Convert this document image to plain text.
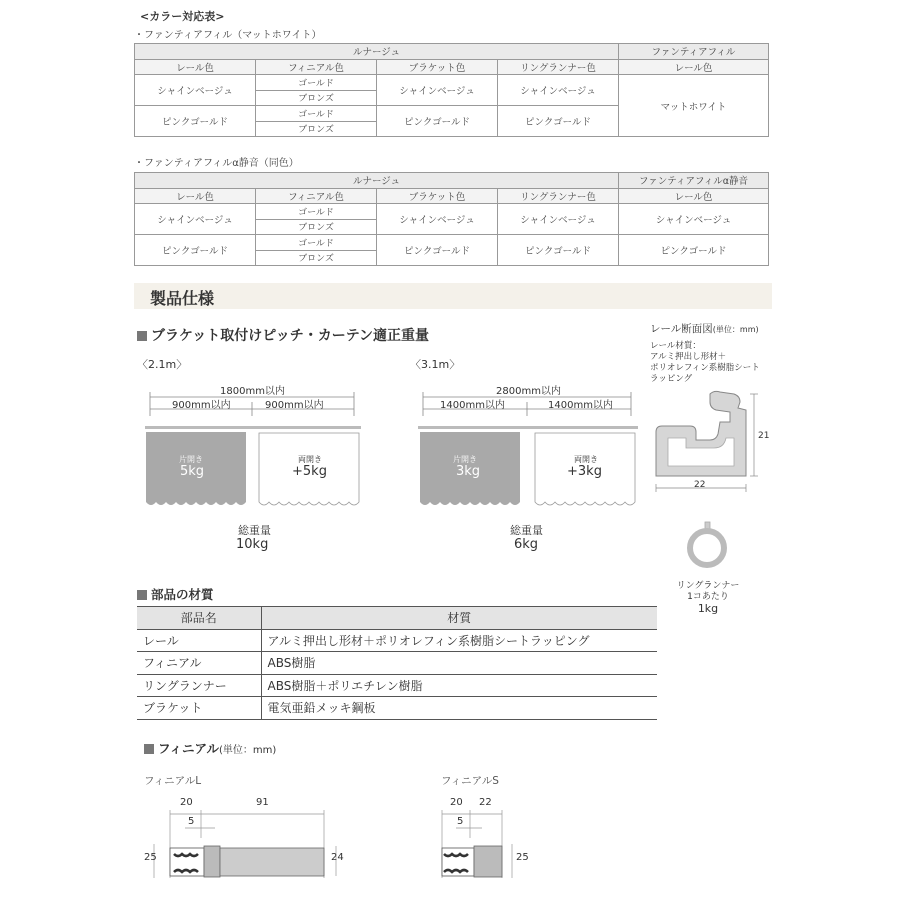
<カラー対応表>
・ファンティアフィル（マットホワイト）
ルナージュ				ファンティアフィル
レール色	フィニアル色	ブラケット色	リングランナー色	レール色
シャインベージュ	ゴールド	シャインベージュ	シャインベージュ	マットホワイト
	ブロンズ			
ピンクゴールド	ゴールド	ピンクゴールド	ピンクゴールド	
	ブロンズ			
・ファンティアフィルα静音（同色）
ルナージュ				ファンティアフィルα静音
レール色	フィニアル色	ブラケット色	リングランナー色	レール色
シャインベージュ	ゴールド	シャインベージュ	シャインベージュ	シャインベージュ
	ブロンズ			
ピンクゴールド	ゴールド	ピンクゴールド	ピンクゴールド	ピンクゴールド
	ブロンズ			
製品仕様
ブラケット取付けピッチ・カーテン適正重量
〈2.1m〉
1800mm以内
900mm以内	900mm以内
片開き
5kg
両開き
+5kg
総重量
10kg
〈3.1m〉
2800mm以内
1400mm以内	1400mm以内
片開き
3kg
両開き
+3kg
総重量
6kg
レール断面図(単位：mm)
レール材質：
アルミ押出し形材＋
ポリオレフィン系樹脂シート
ラッピング
21
22
リングランナー
1コあたり
1kg
部品の材質
部品名	材質
レール	アルミ押出し形材＋ポリオレフィン系樹脂シートラッピング
フィニアル	ABS樹脂
リングランナー	ABS樹脂＋ポリエチレン樹脂
ブラケット	電気亜鉛メッキ鋼板
フィニアル(単位：mm)
フィニアルL
20	91
5
25	24
フィニアルS
20 22
5
25
